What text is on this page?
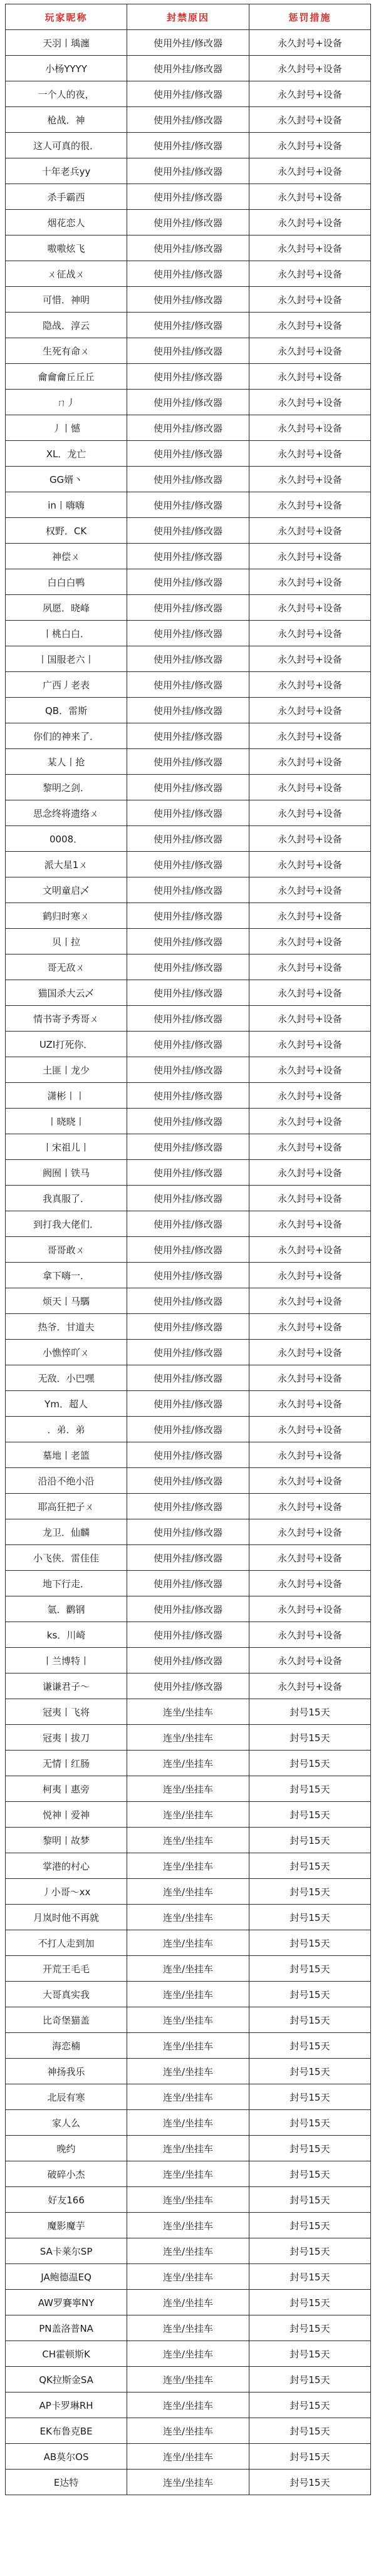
玩家昵称	封禁原因	惩罚措施
天羽丨瑀瀍	使用外挂/修改器	永久封号+设备
小杨YYYY	使用外挂/修改器	永久封号+设备
一个人的夜，	使用外挂/修改器	永久封号+设备
枪战．神	使用外挂/修改器	永久封号+设备
这人可真的很．	使用外挂/修改器	永久封号+设备
十年老兵yy	使用外挂/修改器	永久封号+设备
杀手霸西	使用外挂/修改器	永久封号+设备
烟花恋人	使用外挂/修改器	永久封号+设备
嗷嗷炫飞	使用外挂/修改器	永久封号+设备
ㄨ征战ㄨ	使用外挂/修改器	永久封号+设备
可惜．神明	使用外挂/修改器	永久封号+设备
隐战．淳云	使用外挂/修改器	永久封号+设备
生死有命ㄨ	使用外挂/修改器	永久封号+设备
龠龠龠丘丘丘	使用外挂/修改器	永久封号+设备
ㄇ丿	使用外挂/修改器	永久封号+设备
丿丨憾	使用外挂/修改器	永久封号+设备
XL．龙亡	使用外挂/修改器	永久封号+设备
GG婿丶	使用外挂/修改器	永久封号+设备
in丨嗨嗨	使用外挂/修改器	永久封号+设备
权野．CK	使用外挂/修改器	永久封号+设备
神偿ㄨ	使用外挂/修改器	永久封号+设备
白白白鸭	使用外挂/修改器	永久封号+设备
夙愿．晓峰	使用外挂/修改器	永久封号+设备
丨桃白白．	使用外挂/修改器	永久封号+设备
丨国服老六丨	使用外挂/修改器	永久封号+设备
广西丿老表	使用外挂/修改器	永久封号+设备
QB．雷斯	使用外挂/修改器	永久封号+设备
你们的神来了．	使用外挂/修改器	永久封号+设备
某人丨抢	使用外挂/修改器	永久封号+设备
黎明之剑．	使用外挂/修改器	永久封号+设备
思念终将遗络ㄨ	使用外挂/修改器	永久封号+设备
0008．	使用外挂/修改器	永久封号+设备
派大星1ㄨ	使用外挂/修改器	永久封号+设备
文明童启乄	使用外挂/修改器	永久封号+设备
鹤归时寒ㄨ	使用外挂/修改器	永久封号+设备
贝丨拉	使用外挂/修改器	永久封号+设备
哥无敌ㄨ	使用外挂/修改器	永久封号+设备
猫国杀大云乄	使用外挂/修改器	永久封号+设备
情书寄予秀哥ㄨ	使用外挂/修改器	永久封号+设备
UZI打死你．	使用外挂/修改器	永久封号+设备
土匪丨龙少	使用外挂/修改器	永久封号+设备
潇彬丨丨	使用外挂/修改器	永久封号+设备
丨晓晓丨	使用外挂/修改器	永久封号+设备
丨宋祖儿丨	使用外挂/修改器	永久封号+设备
阙囿丨铁马	使用外挂/修改器	永久封号+设备
我真服了．	使用外挂/修改器	永久封号+设备
到打我大佬们．	使用外挂/修改器	永久封号+设备
哥哥敢ㄨ	使用外挂/修改器	永久封号+设备
拿下嗨一．	使用外挂/修改器	永久封号+设备
烦天丨马騳	使用外挂/修改器	永久封号+设备
热爷．甘道夫	使用外挂/修改器	永久封号+设备
小憔悴吖ㄨ	使用外挂/修改器	永久封号+设备
无敌．小巴嘿	使用外挂/修改器	永久封号+设备
Ym．超人	使用外挂/修改器	永久封号+设备
．弟．弟	使用外挂/修改器	永久封号+设备
墓地丨老篮	使用外挂/修改器	永久封号+设备
沿沿不绝小沿	使用外挂/修改器	永久封号+设备
耶高狂把子ㄨ	使用外挂/修改器	永久封号+设备
龙卫．仙麟	使用外挂/修改器	永久封号+设备
小飞侠．雷佳佳	使用外挂/修改器	永久封号+设备
地下行走．	使用外挂/修改器	永久封号+设备
氩．鹳钢	使用外挂/修改器	永久封号+设备
ks．川崎	使用外挂/修改器	永久封号+设备
丨兰博特丨	使用外挂/修改器	永久封号+设备
谦谦君子～	使用外挂/修改器	永久封号+设备
冠夷丨飞将	连坐/坐挂车	封号15天
冠夷丨拔刀	连坐/坐挂车	封号15天
无情丨红肠	连坐/坐挂车	封号15天
柯夷丨惠旁	连坐/坐挂车	封号15天
悦神丨爱神	连坐/坐挂车	封号15天
黎明丨故梦	连坐/坐挂车	封号15天
掌港的村心	连坐/坐挂车	封号15天
丿小哥～xx	连坐/坐挂车	封号15天
月岚时他不再就	连坐/坐挂车	封号15天
不打人走到加	连坐/坐挂车	封号15天
开荒王毛毛	连坐/坐挂车	封号15天
大哥真实我	连坐/坐挂车	封号15天
比奇堡猫盖	连坐/坐挂车	封号15天
海恋楠	连坐/坐挂车	封号15天
神扬我乐	连坐/坐挂车	封号15天
北辰有寒	连坐/坐挂车	封号15天
家人么	连坐/坐挂车	封号15天
晚约	连坐/坐挂车	封号15天
破碎小杰	连坐/坐挂车	封号15天
好友166	连坐/坐挂车	封号15天
魔影魔芋	连坐/坐挂车	封号15天
SA卡莱尔SP	连坐/坐挂车	封号15天
JA鲍德温EQ	连坐/坐挂车	封号15天
AW罗賽寧NY	连坐/坐挂车	封号15天
PN盖洛普NA	连坐/坐挂车	封号15天
CH霍顿斯K	连坐/坐挂车	封号15天
QK拉斯金SA	连坐/坐挂车	封号15天
AP卡罗琳RH	连坐/坐挂车	封号15天
EK布鲁克BE	连坐/坐挂车	封号15天
AB莫尔OS	连坐/坐挂车	封号15天
E达特	连坐/坐挂车	封号15天
